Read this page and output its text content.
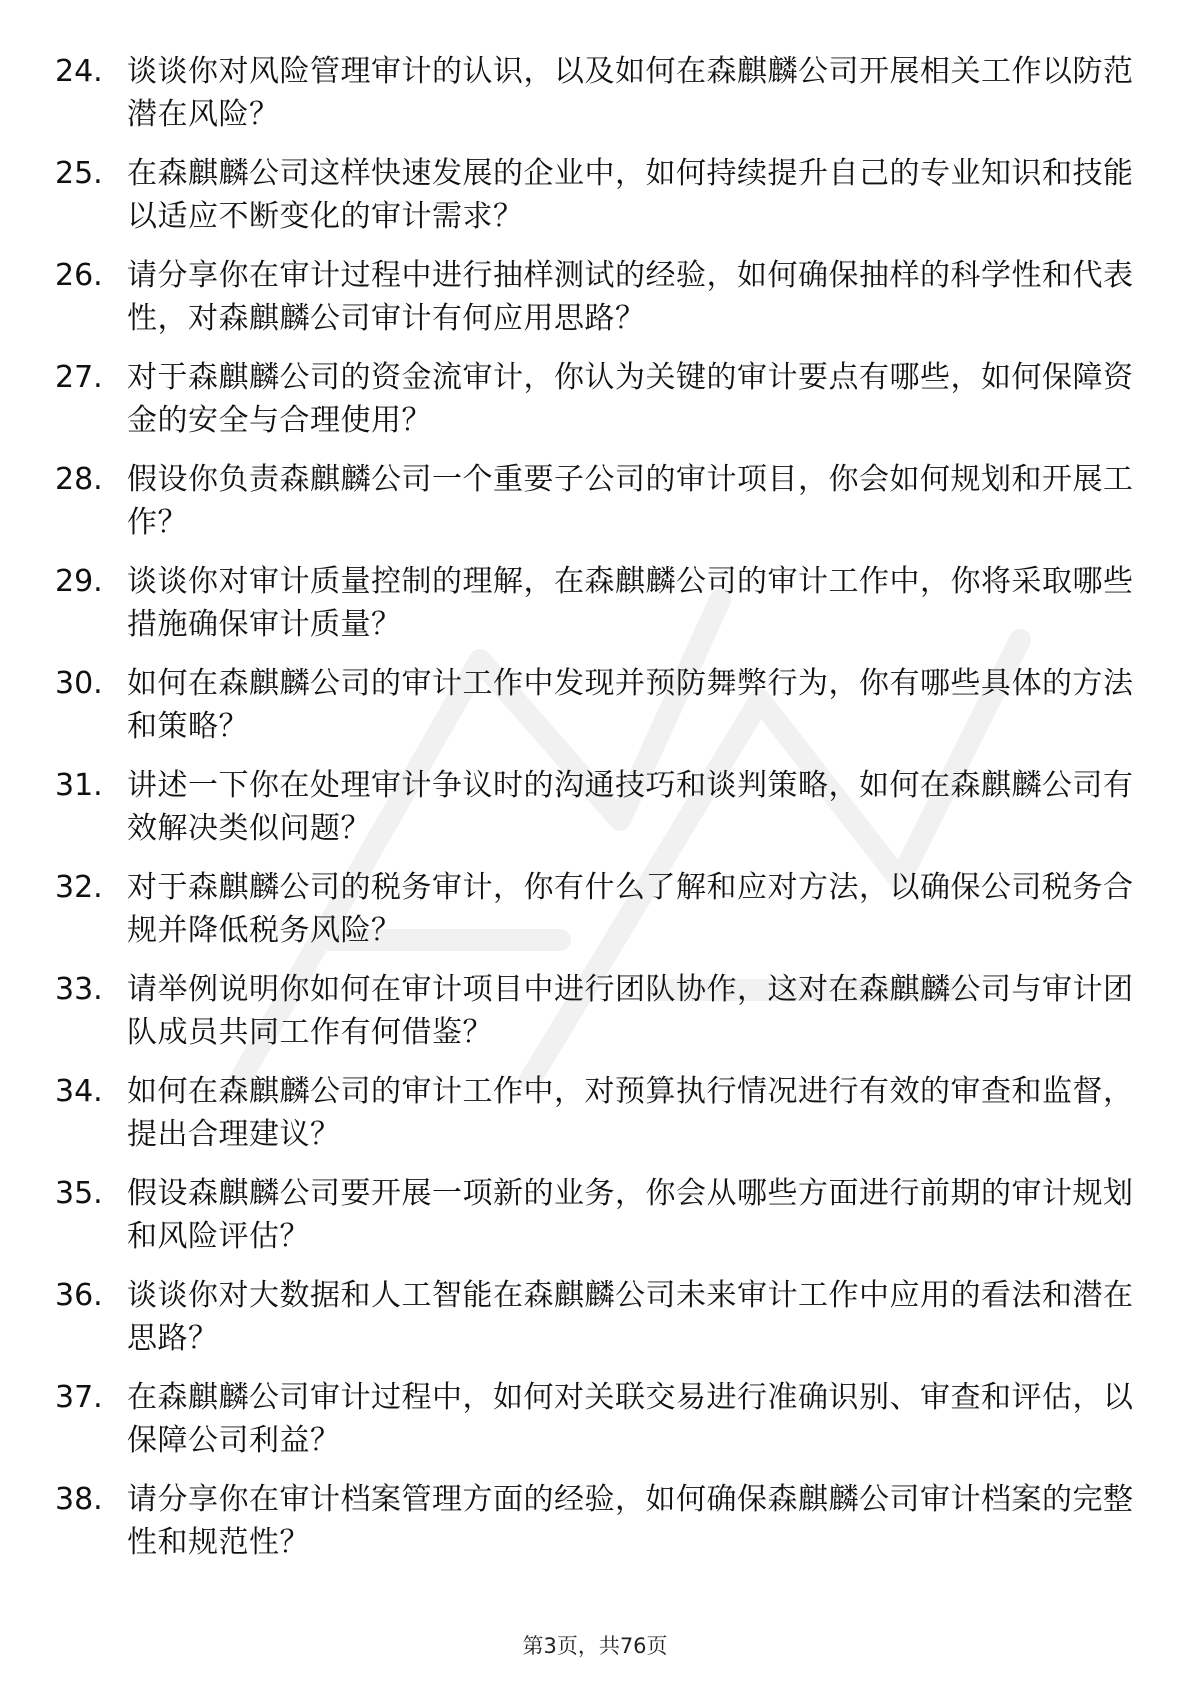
24. 谈谈你对风险管理审计的认识，以及如何在森麒麟公司开展相关工作以防范潜在风险？
25. 在森麒麟公司这样快速发展的企业中，如何持续提升自己的专业知识和技能以适应不断变化的审计需求？
26. 请分享你在审计过程中进行抽样测试的经验，如何确保抽样的科学性和代表性，对森麒麟公司审计有何应用思路？
27. 对于森麒麟公司的资金流审计，你认为关键的审计要点有哪些，如何保障资金的安全与合理使用？
28. 假设你负责森麒麟公司一个重要子公司的审计项目，你会如何规划和开展工作？
29. 谈谈你对审计质量控制的理解，在森麒麟公司的审计工作中，你将采取哪些措施确保审计质量？
30. 如何在森麒麟公司的审计工作中发现并预防舞弊行为，你有哪些具体的方法和策略？
31. 讲述一下你在处理审计争议时的沟通技巧和谈判策略，如何在森麒麟公司有效解决类似问题？
32. 对于森麒麟公司的税务审计，你有什么了解和应对方法，以确保公司税务合规并降低税务风险？
33. 请举例说明你如何在审计项目中进行团队协作，这对在森麒麟公司与审计团队成员共同工作有何借鉴？
34. 如何在森麒麟公司的审计工作中，对预算执行情况进行有效的审查和监督，提出合理建议？
35. 假设森麒麟公司要开展一项新的业务，你会从哪些方面进行前期的审计规划和风险评估？
36. 谈谈你对大数据和人工智能在森麒麟公司未来审计工作中应用的看法和潜在思路？
37. 在森麒麟公司审计过程中，如何对关联交易进行准确识别、审查和评估，以保障公司利益？
38. 请分享你在审计档案管理方面的经验，如何确保森麒麟公司审计档案的完整性和规范性？
第3页，共76页
